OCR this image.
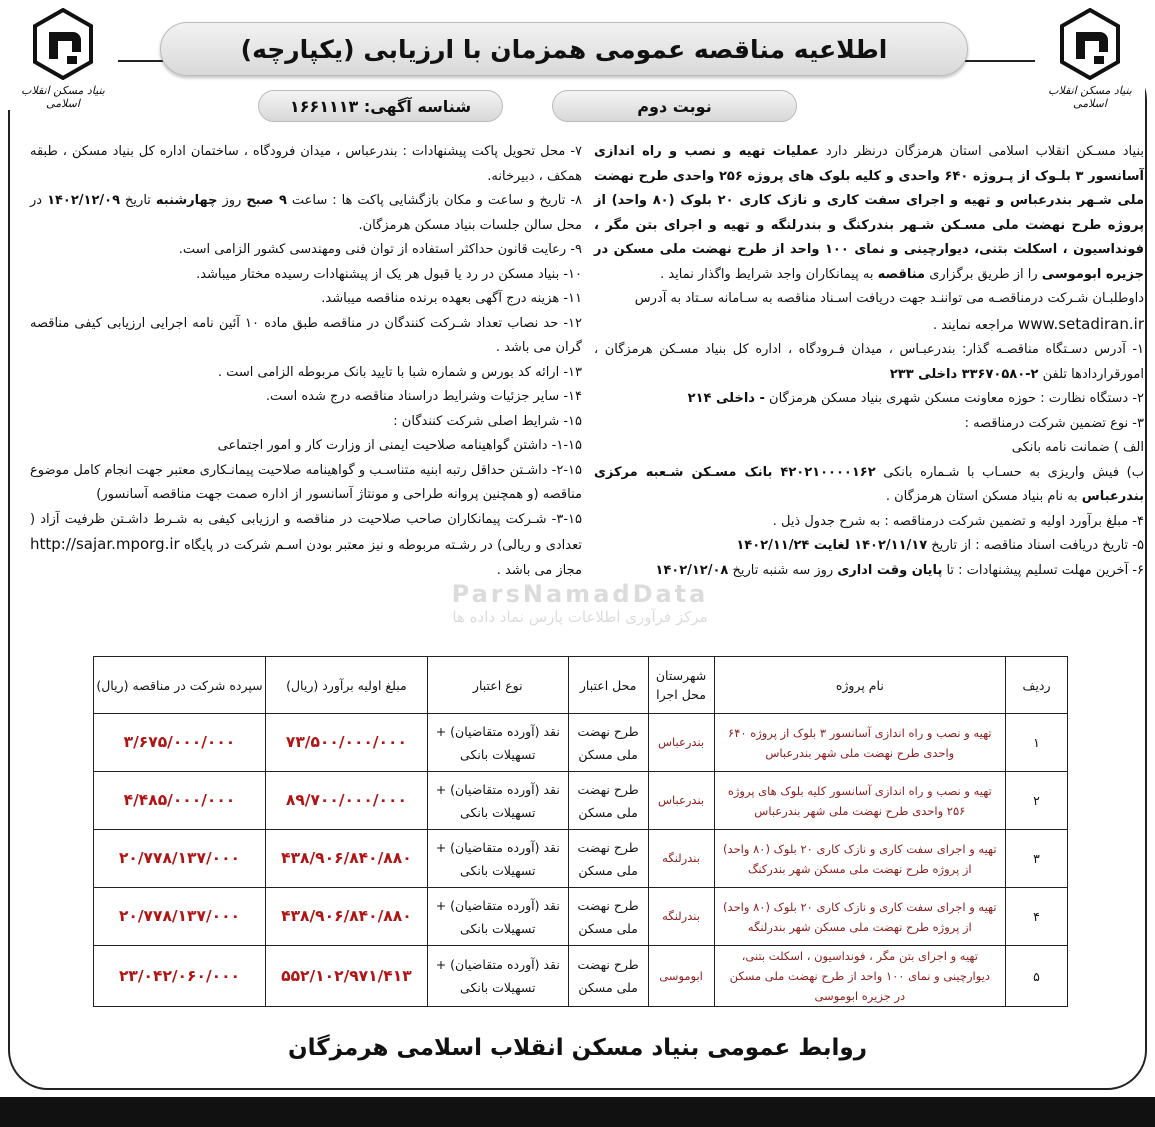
بنیاد مسکن انقلاب اسلامی
بنیاد مسکن انقلاب اسلامی
اطلاعیه مناقصه عمومی همزمان با ارزیابی (یکپارچه)
نوبت دوم
شناسه آگهی: ۱۶۶۱۱۱۳

بنیاد مسـکن انقلاب اسلامی استان هرمزگان درنظر دارد عملیات تهیه و نصب و راه اندازی آسانسور ۳ بلـوک از پـروژه ۶۴۰ واحدی و کلیه بلوک های پروژه ۲۵۶ واحدی طرح نهضت ملی شـهر بندرعباس و تهیه و اجرای سفت کاری و نازک کاری ۲۰ بلوک (۸۰ واحد) از پروژه طرح نهضت ملی مسـکن شـهر بندرکنگ و بندرلنگه و تهیه و اجرای بتن مگر ، فونداسیون ، اسکلت بتنی، دیوارچینی و نمای ۱۰۰ واحد از طرح نهضت ملی مسکن در جزیره ابوموسی را از طریق برگزاری مناقصه به پیمانکاران واجد شرایط واگذار نماید .

داوطلبـان شـرکت درمناقصـه می تواننـد جهت دریافت اسـناد مناقصه به سـامانه سـتاد به آدرس
www.setadiran.ir مراجعه نمایند .

۱- آدرس دسـتگاه مناقصـه گذار: بندرعبـاس ، میدان فـرودگاه ، اداره کل بنیاد مسـکن هرمزگان ، امورقراردادها تلفن ۲-۳۳۶۷۰۵۸۰ داخلی ۲۳۳

۲- دستگاه نظارت : حوزه معاونت مسکن شهری بنیاد مسکن هرمزگان - داخلی ۲۱۴

۳- نوع تضمین شرکت درمناقصه :

الف ) ضمانت نامه بانکی

ب) فیش واریزی به حسـاب با شـماره بانکی ۴۲۰۲۱۰۰۰۰۱۶۲ بانک مسـکن شـعبه مرکزی بندرعباس به نام بنیاد مسکن استان هرمزگان .

۴- مبلغ برآورد اولیه و تضمین شرکت درمناقصه : به شرح جدول ذیل .

۵- تاریخ دریافت اسناد مناقصه : از تاریخ ۱۴۰۲/۱۱/۱۷ لغایت ۱۴۰۲/۱۱/۲۴

۶- آخرین مهلت تسلیم پیشنهادات : تا پایان وقت اداری روز سه شنبه تاریخ ۱۴۰۲/۱۲/۰۸

۷- محل تحویل پاکت پیشنهادات : بندرعباس ، میدان فرودگاه ، ساختمان اداره کل بنیاد مسکن ، طبقه همکف ، دبیرخانه.

۸- تاریخ و ساعت و مکان بازگشایی پاکت ها : ساعت ۹ صبح روز چهارشنبه تاریخ ۱۴۰۲/۱۲/۰۹ در محل سالن جلسات بنیاد مسکن هرمزگان.

۹- رعایت قانون حداکثر استفاده از توان فنی ومهندسی کشور الزامی است.

۱۰- بنیاد مسکن در رد یا قبول هر یک از پیشنهادات رسیده مختار میباشد.

۱۱- هزینه درج آگهی بعهده برنده مناقصه میباشد.

۱۲- حد نصاب تعداد شـرکت کنندگان در مناقصه طبق ماده ۱۰ آئین نامه اجرایی ارزیابی کیفی مناقصه گران می باشد .

۱۳- ارائه کد بورس و شماره شبا با تایید بانک مربوطه الزامی است .

۱۴- سایر جزئیات وشرایط دراسناد مناقصه درج شده است.

۱۵- شرایط اصلی شرکت کنندگان :

۱-۱۵- داشتن گواهینامه صلاحیت ایمنی از وزارت کار و امور اجتماعی

۲-۱۵- داشـتن حداقل رتبه ابنیه متناسـب و گواهینامه صلاحیت پیمانـکاری معتبر جهت انجام کامل موضوع مناقصه (و همچنین پروانه طراحی و مونتاژ آسانسور از اداره صمت جهت مناقصه آسانسور)

۳-۱۵- شـرکت پیمانکاران صاحب صلاحیت در مناقصه و ارزیابی کیفی به شـرط داشـتن ظرفیت آزاد ( تعدادی و ریالی) در رشـته مربوطه و نیز معتبر بودن اسـم شرکت در پایگاه http://sajar.mporg.ir مجاز می باشد .

ParsNamadData
مرکز فرآوری اطلاعات پارس نماد داده ها
ردیف	نام پروژه	شهرستان محل اجرا	محل اعتبار	نوع اعتبار	مبلغ اولیه برآورد (ریال)	سپرده شرکت در مناقصه (ریال)
۱	تهیه و نصب و راه اندازی آسانسور ۳ بلوک از پروژه ۶۴۰ واحدی طرح نهضت ملی شهر بندرعباس	بندرعباس	طرح نهضت ملی مسکن	نقد (آورده متقاضیان) + تسهیلات بانکی	۷۳/۵۰۰/۰۰۰/۰۰۰	۳/۶۷۵/۰۰۰/۰۰۰
۲	تهیه و نصب و راه اندازی آسانسور کلیه بلوک های پروژه ۲۵۶ واحدی طرح نهضت ملی شهر بندرعباس	بندرعباس	طرح نهضت ملی مسکن	نقد (آورده متقاضیان) + تسهیلات بانکی	۸۹/۷۰۰/۰۰۰/۰۰۰	۴/۴۸۵/۰۰۰/۰۰۰
۳	تهیه و اجرای سفت کاری و نازک کاری ۲۰ بلوک (۸۰ واحد) از پروژه طرح نهضت ملی مسکن شهر بندرکنگ	بندرلنگه	طرح نهضت ملی مسکن	نقد (آورده متقاضیان) + تسهیلات بانکی	۴۳۸/۹۰۶/۸۴۰/۸۸۰	۲۰/۷۷۸/۱۳۷/۰۰۰
۴	تهیه و اجرای سفت کاری و نازک کاری ۲۰ بلوک (۸۰ واحد) از پروژه طرح نهضت ملی مسکن شهر بندرلنگه	بندرلنگه	طرح نهضت ملی مسکن	نقد (آورده متقاضیان) + تسهیلات بانکی	۴۳۸/۹۰۶/۸۴۰/۸۸۰	۲۰/۷۷۸/۱۳۷/۰۰۰
۵	تهیه و اجرای بتن مگر ، فونداسیون ، اسکلت بتنی، دیوارچینی و نمای ۱۰۰ واحد از طرح نهضت ملی مسکن در جزیره ابوموسی	ابوموسی	طرح نهضت ملی مسکن	نقد (آورده متقاضیان) + تسهیلات بانکی	۵۵۲/۱۰۲/۹۷۱/۴۱۳	۲۳/۰۴۲/۰۶۰/۰۰۰
روابط عمومی بنیاد مسکن انقلاب اسلامی هرمزگان
